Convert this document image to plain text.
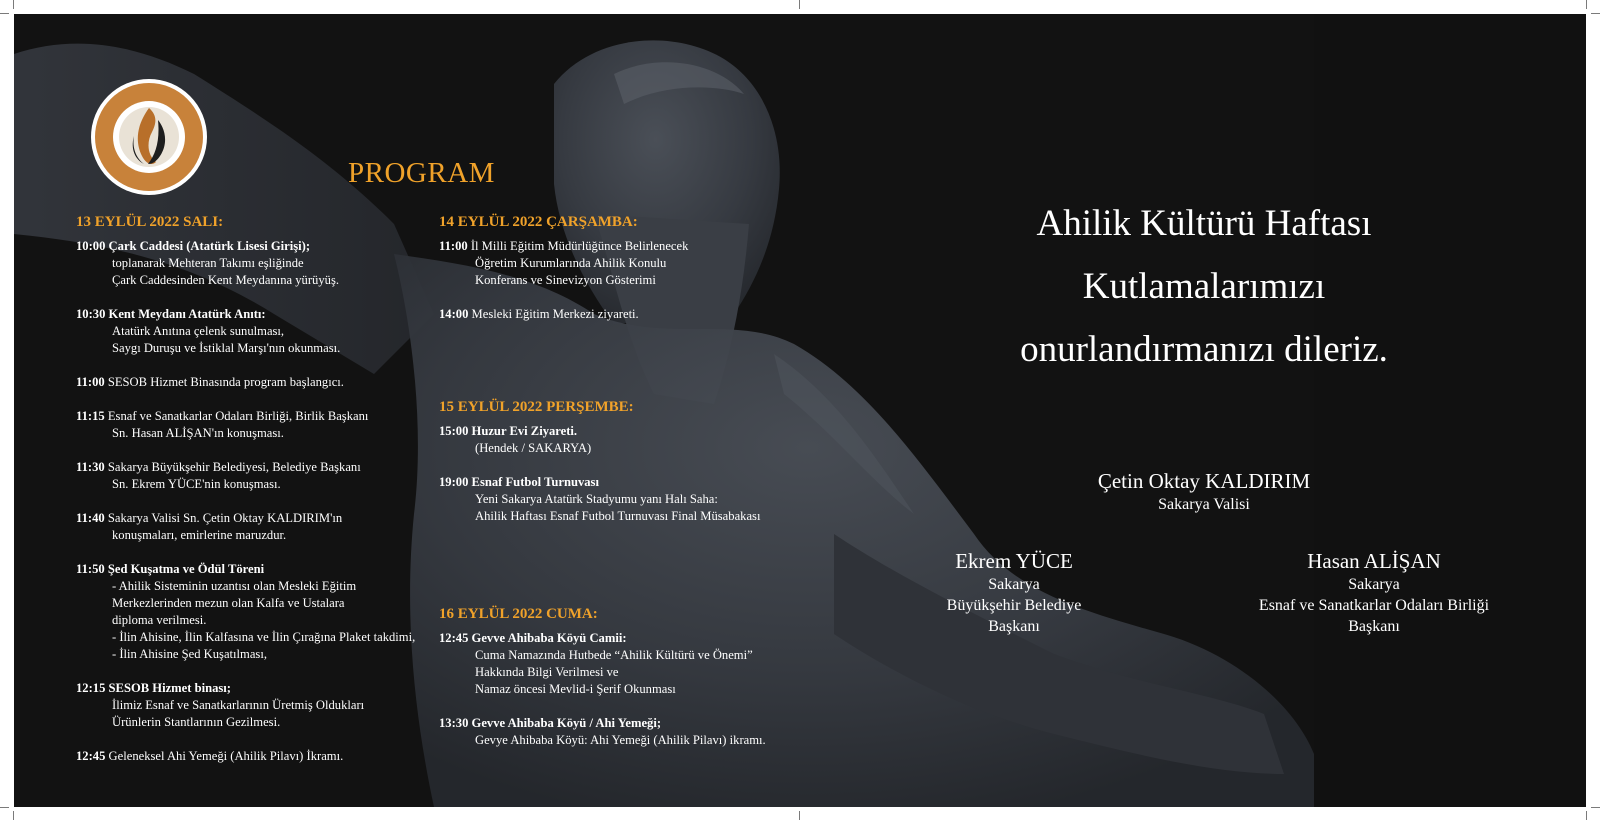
PROGRAM
13 EYLÜL 2022 SALI:
10:00 Çark Caddesi (Atatürk Lisesi Girişi);
toplanarak Mehteran Takımı eşliğinde
Çark Caddesinden Kent Meydanına yürüyüş.
10:30 Kent Meydanı Atatürk Anıtı:
Atatürk Anıtına çelenk sunulması,
Saygı Duruşu ve İstiklal Marşı'nın okunması.
11:00 SESOB Hizmet Binasında program başlangıcı.
11:15 Esnaf ve Sanatkarlar Odaları Birliği, Birlik Başkanı
Sn. Hasan ALİŞAN'ın konuşması.
11:30 Sakarya Büyükşehir Belediyesi, Belediye Başkanı
Sn. Ekrem YÜCE'nin konuşması.
11:40 Sakarya Valisi Sn. Çetin Oktay KALDIRIM'ın
konuşmaları, emirlerine maruzdur.
11:50 Şed Kuşatma ve Ödül Töreni
- Ahilik Sisteminin uzantısı olan Mesleki Eğitim
Merkezlerinden mezun olan Kalfa ve Ustalara
diploma verilmesi.
- İlin Ahisine, İlin Kalfasına ve İlin Çırağına Plaket takdimi,
- İlin Ahisine Şed Kuşatılması,
12:15 SESOB Hizmet binası;
İlimiz Esnaf ve Sanatkarlarının Üretmiş Oldukları
Ürünlerin Stantlarının Gezilmesi.
12:45 Geleneksel Ahi Yemeği (Ahilik Pilavı) İkramı.
14 EYLÜL 2022 ÇARŞAMBA:
11:00 İl Milli Eğitim Müdürlüğünce Belirlenecek
Öğretim Kurumlarında Ahilik Konulu
Konferans ve Sinevizyon Gösterimi
14:00 Mesleki Eğitim Merkezi ziyareti.
15 EYLÜL 2022 PERŞEMBE:
15:00 Huzur Evi Ziyareti.
(Hendek / SAKARYA)
19:00 Esnaf Futbol Turnuvası
Yeni Sakarya Atatürk Stadyumu yanı Halı Saha:
Ahilik Haftası Esnaf Futbol Turnuvası Final Müsabakası
16 EYLÜL 2022 CUMA:
12:45 Gevve Ahibaba Köyü Camii:
Cuma Namazında Hutbede “Ahilik Kültürü ve Önemi”
Hakkında Bilgi Verilmesi ve
Namaz öncesi Mevlid-i Şerif Okunması
13:30 Gevve Ahibaba Köyü / Ahi Yemeği;
Gevye Ahibaba Köyü: Ahi Yemeği (Ahilik Pilavı) ikramı.
Ahilik Kültürü Haftası
Kutlamalarımızı
onurlandırmanızı dileriz.
Çetin Oktay KALDIRIM
Sakarya Valisi
Ekrem YÜCE
Sakarya
Büyükşehir Belediye
Başkanı
Hasan ALİŞAN
Sakarya
Esnaf ve Sanatkarlar Odaları Birliği
Başkanı
